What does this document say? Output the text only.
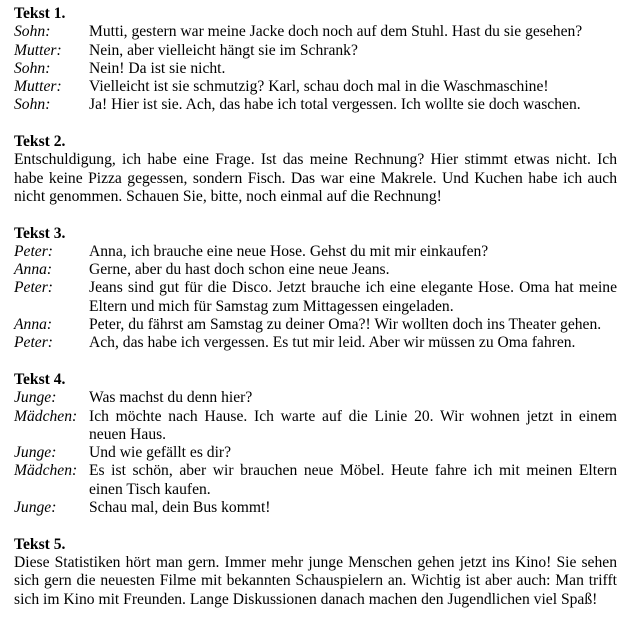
Tekst 1.
Sohn:	Mutti, gestern war meine Jacke doch noch auf dem Stuhl. Hast du sie gesehen?
Mutter:	Nein, aber vielleicht hängt sie im Schrank?
Sohn:	Nein! Da ist sie nicht.
Mutter:	Vielleicht ist sie schmutzig? Karl, schau doch mal in die Waschmaschine!
Sohn:	Ja! Hier ist sie. Ach, das habe ich total vergessen. Ich wollte sie doch waschen.
Tekst 2.

Entschuldigung, ich habe eine Frage. Ist das meine Rechnung? Hier stimmt etwas nicht. Ich habe keine Pizza gegessen, sondern Fisch. Das war eine Makrele. Und Kuchen habe ich auch nicht genommen. Schauen Sie, bitte, noch einmal auf die Rechnung!

Tekst 3.
Peter:	Anna, ich brauche eine neue Hose. Gehst du mit mir einkaufen?
Anna:	Gerne, aber du hast doch schon eine neue Jeans.
Peter:	Jeans sind gut für die Disco. Jetzt brauche ich eine elegante Hose. Oma hat meine Eltern und mich für Samstag zum Mittagessen eingeladen.
Anna:	Peter, du fährst am Samstag zu deiner Oma?! Wir wollten doch ins Theater gehen.
Peter:	Ach, das habe ich vergessen. Es tut mir leid. Aber wir müssen zu Oma fahren.
Tekst 4.
Junge:	Was machst du denn hier?
Mädchen: Ich möchte nach Hause. Ich warte auf die Linie 20. Wir wohnen jetzt in einem neuen Haus.
Junge:	Und wie gefällt es dir?
Mädchen: Es ist schön, aber wir brauchen neue Möbel. Heute fahre ich mit meinen Eltern einen Tisch kaufen.
Junge:	Schau mal, dein Bus kommt!
Tekst 5.

Diese Statistiken hört man gern. Immer mehr junge Menschen gehen jetzt ins Kino! Sie sehen sich gern die neuesten Filme mit bekannten Schauspielern an. Wichtig ist aber auch: Man trifft sich im Kino mit Freunden. Lange Diskussionen danach machen den Jugendlichen viel Spaß!
